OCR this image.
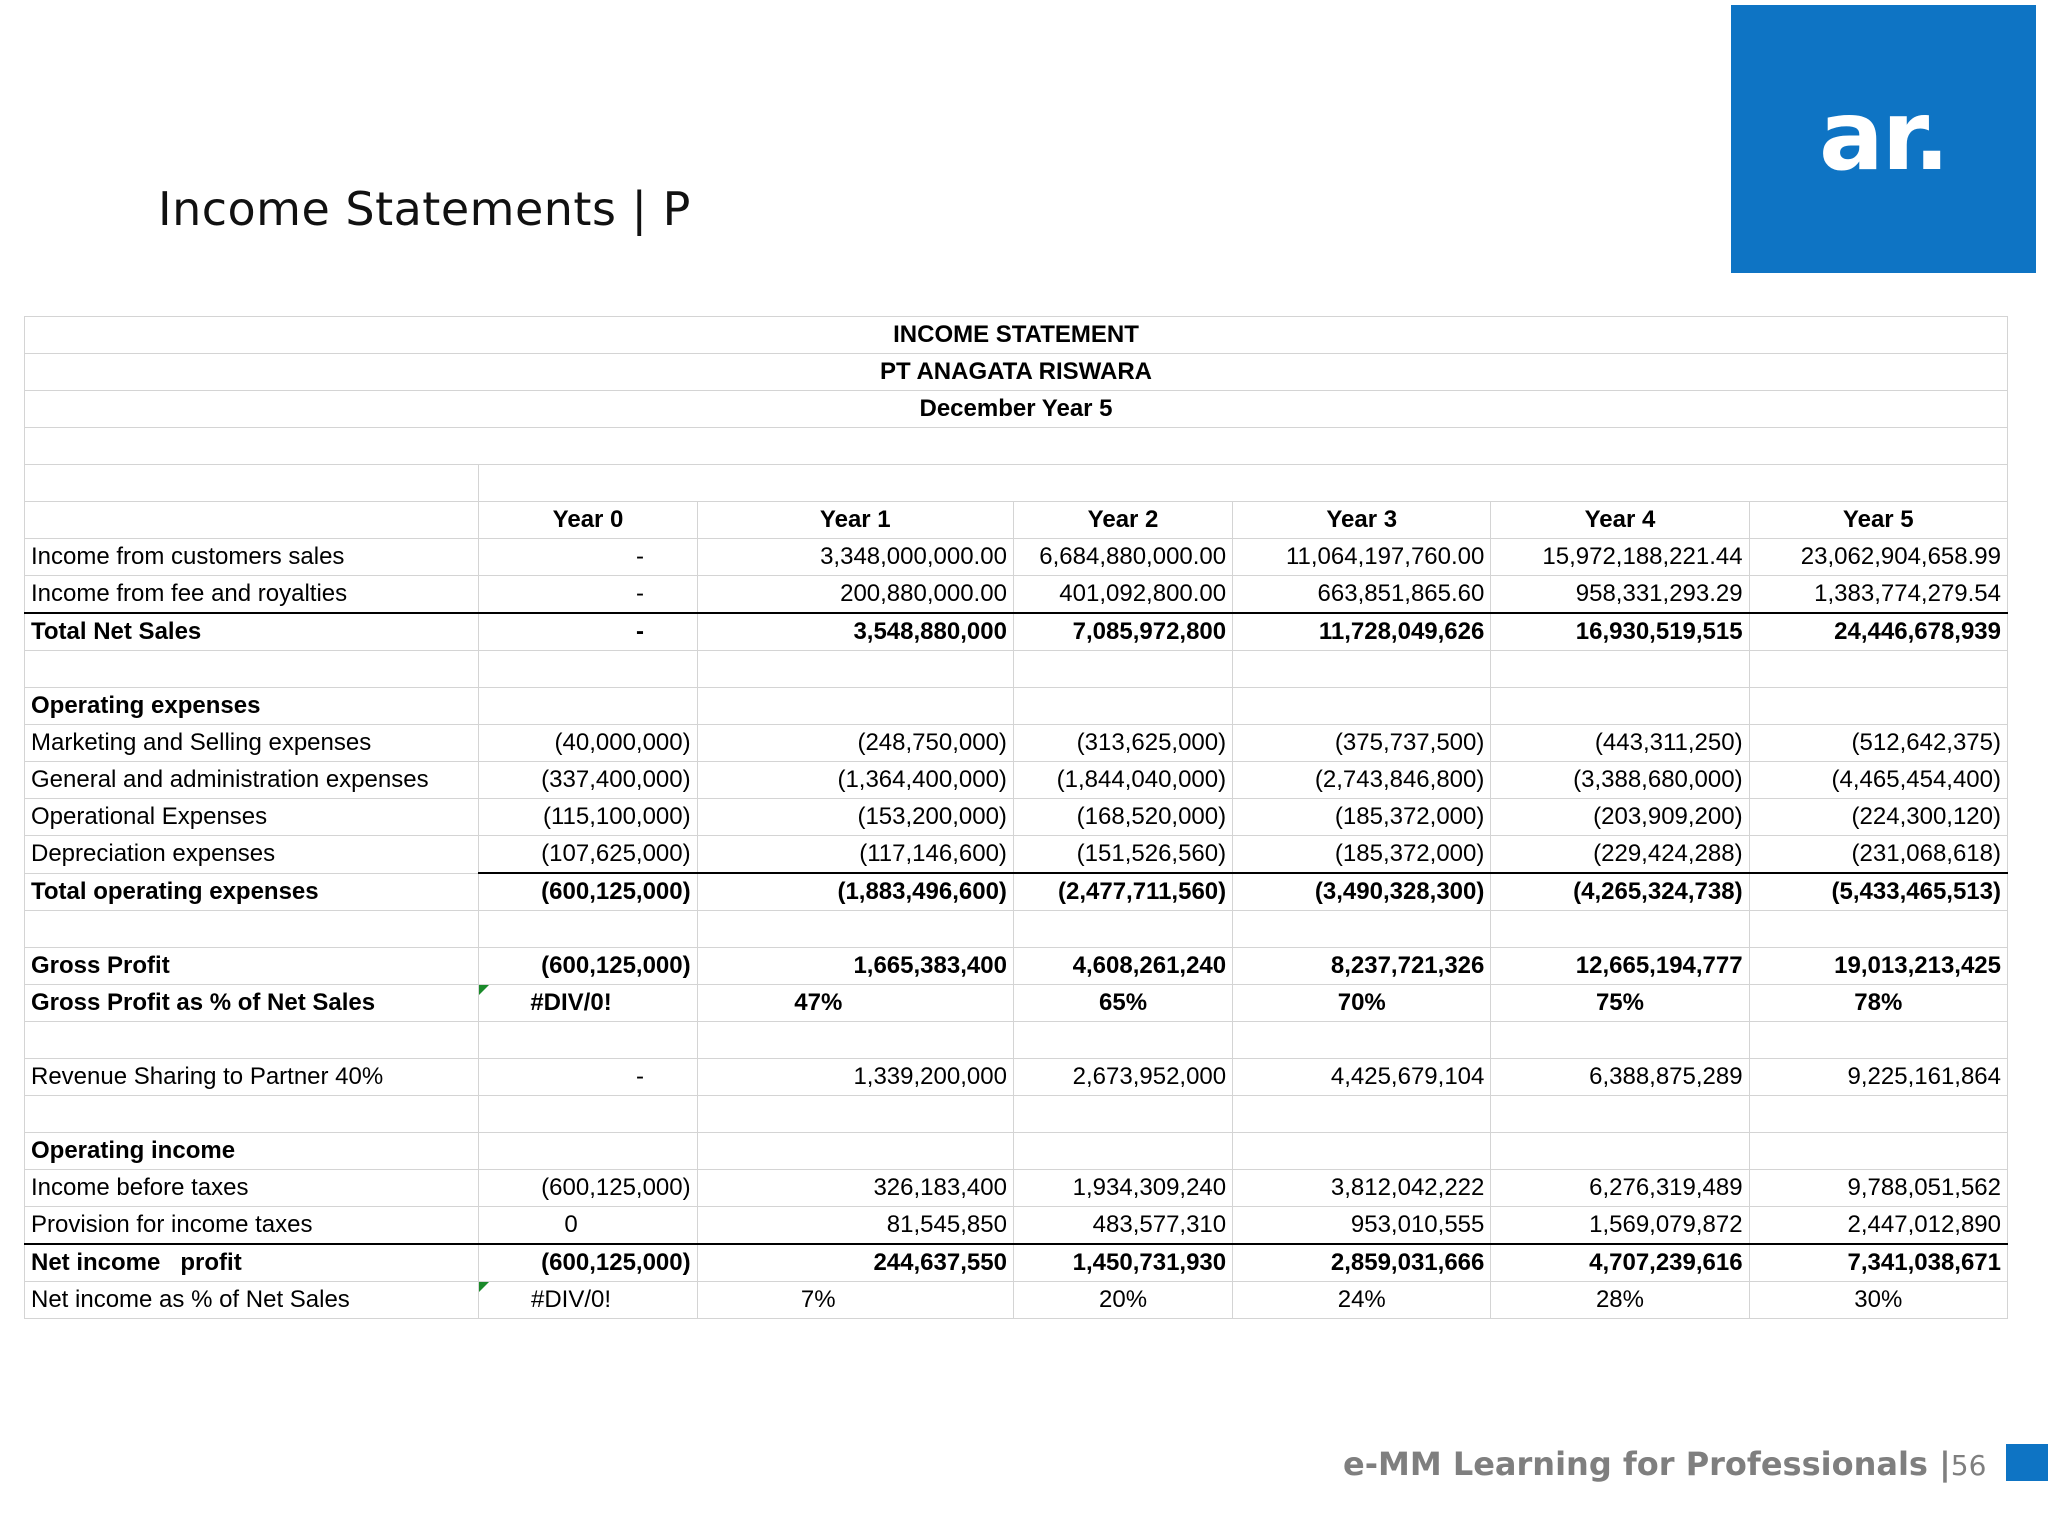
Income Statements | P
ar.
INCOME STATEMENT						
PT ANAGATA RISWARA						
December Year 5						

	Year 0	Year 1	Year 2	Year 3	Year 4	Year 5
Income from customers sales	-	3,348,000,000.00	6,684,880,000.00	11,064,197,760.00	15,972,188,221.44	23,062,904,658.99
Income from fee and royalties	-	200,880,000.00	401,092,800.00	663,851,865.60	958,331,293.29	1,383,774,279.54
Total Net Sales	-	3,548,880,000	7,085,972,800	11,728,049,626	16,930,519,515	24,446,678,939

Operating expenses						
Marketing and Selling expenses	(40,000,000)	(248,750,000)	(313,625,000)	(375,737,500)	(443,311,250)	(512,642,375)
General and administration expenses	(337,400,000)	(1,364,400,000)	(1,844,040,000)	(2,743,846,800)	(3,388,680,000)	(4,465,454,400)
Operational Expenses	(115,100,000)	(153,200,000)	(168,520,000)	(185,372,000)	(203,909,200)	(224,300,120)
Depreciation expenses	(107,625,000)	(117,146,600)	(151,526,560)	(185,372,000)	(229,424,288)	(231,068,618)
Total operating expenses	(600,125,000)	(1,883,496,600)	(2,477,711,560)	(3,490,328,300)	(4,265,324,738)	(5,433,465,513)

Gross Profit	(600,125,000)	1,665,383,400	4,608,261,240	8,237,721,326	12,665,194,777	19,013,213,425
Gross Profit as % of Net Sales	#DIV/0!	47%	65%	70%	75%	78%

Revenue Sharing to Partner 40%	-	1,339,200,000	2,673,952,000	4,425,679,104	6,388,875,289	9,225,161,864

Operating income						
Income before taxes	(600,125,000)	326,183,400	1,934,309,240	3,812,042,222	6,276,319,489	9,788,051,562
Provision for income taxes	0	81,545,850	483,577,310	953,010,555	1,569,079,872	2,447,012,890
Net income   profit	(600,125,000)	244,637,550	1,450,731,930	2,859,031,666	4,707,239,616	7,341,038,671
Net income as % of Net Sales	#DIV/0!	7%	20%	24%	28%	30%
e-MM Learning for Professionals |56
